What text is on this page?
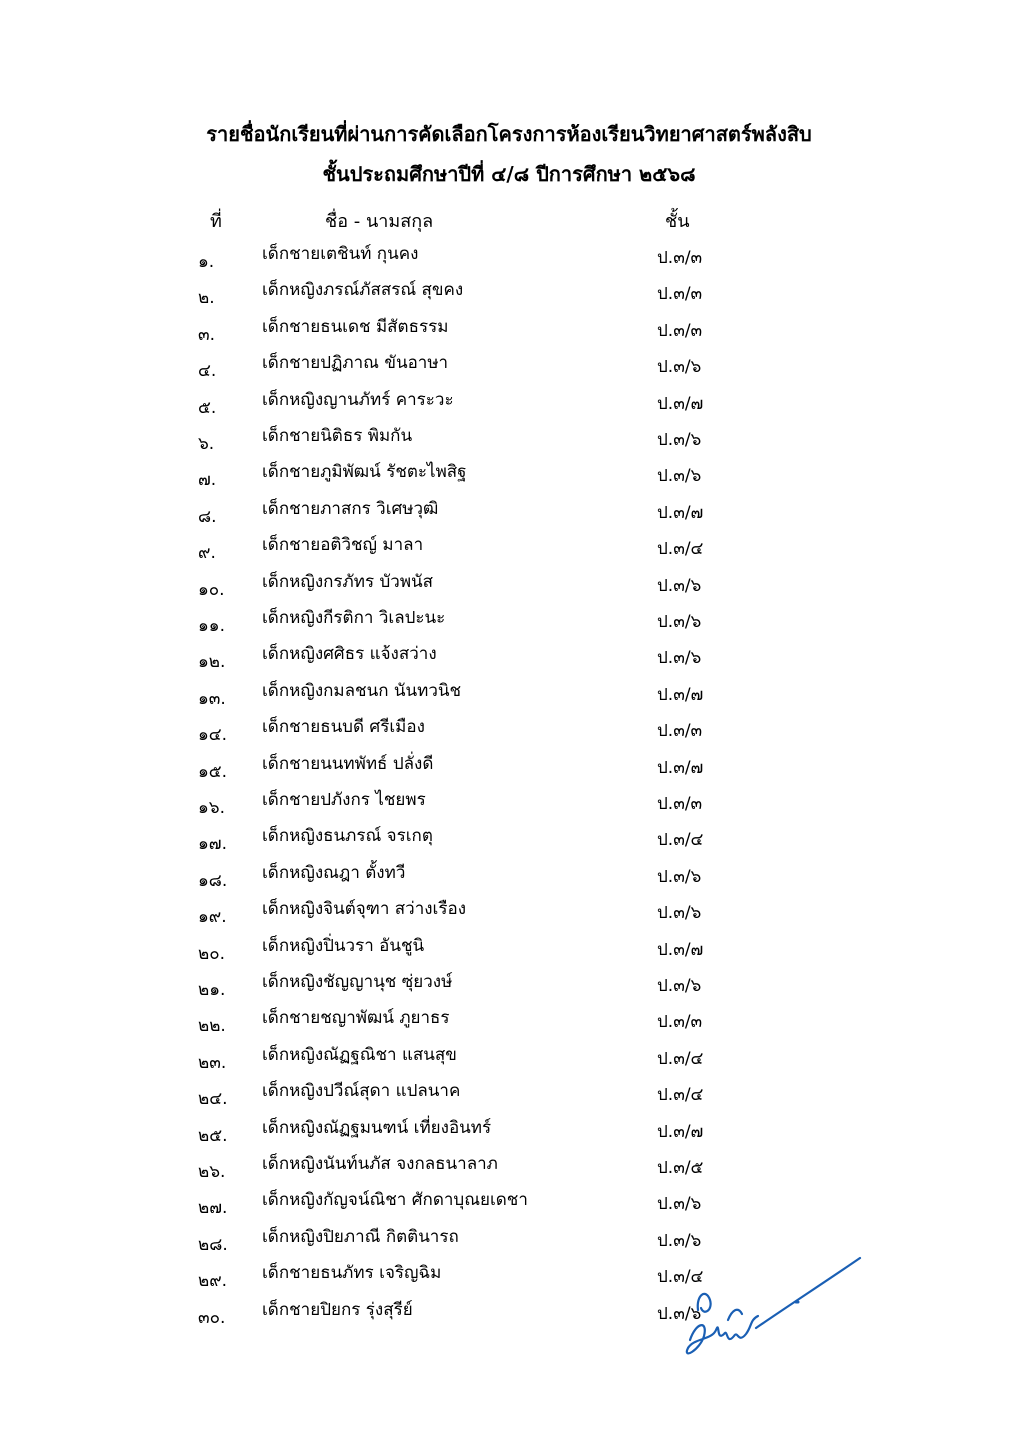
รายชื่อนักเรียนที่ผ่านการคัดเลือกโครงการห้องเรียนวิทยาศาสตร์พลังสิบ
ชั้นประถมศึกษาปีที่ ๔/๘ ปีการศึกษา ๒๕๖๘
ที่	ชื่อ - นามสกุล	ชั้น
๑.	เด็กชายเตชินท์ กุนคง	ป.๓/๓
๒.	เด็กหญิงภรณ์ภัสสรณ์ สุขคง	ป.๓/๓
๓.	เด็กชายธนเดช มีสัตธรรม	ป.๓/๓
๔.	เด็กชายปฏิภาณ ขันอาษา	ป.๓/๖
๕.	เด็กหญิงญานภัทร์ คาระวะ	ป.๓/๗
๖.	เด็กชายนิติธร พิมกัน	ป.๓/๖
๗.	เด็กชายภูมิพัฒน์ รัชตะไพสิฐ	ป.๓/๖
๘.	เด็กชายภาสกร วิเศษวุฒิ	ป.๓/๗
๙.	เด็กชายอติวิชญ์ มาลา	ป.๓/๔
๑๐. เด็กหญิงกรภัทร บัวพนัส	ป.๓/๖
๑๑. เด็กหญิงกีรติกา วิเลปะนะ	ป.๓/๖
๑๒. เด็กหญิงศศิธร แจ้งสว่าง	ป.๓/๖
๑๓. เด็กหญิงกมลชนก นันทวนิช	ป.๓/๗
๑๔. เด็กชายธนบดี ศรีเมือง	ป.๓/๓
๑๕. เด็กชายนนทพัทธ์ ปลั่งดี	ป.๓/๗
๑๖. เด็กชายปภังกร ไชยพร	ป.๓/๓
๑๗. เด็กหญิงธนภรณ์ จรเกตุ	ป.๓/๔
๑๘. เด็กหญิงณฎา ตั้งทวี	ป.๓/๖
๑๙. เด็กหญิงจินต์จุฑา สว่างเรือง	ป.๓/๖
๒๐. เด็กหญิงปิ่นวรา อันชูนิ	ป.๓/๗
๒๑. เด็กหญิงชัญญานุช ซุ่ยวงษ์	ป.๓/๖
๒๒. เด็กชายชญาพัฒน์ ภูยาธร	ป.๓/๓
๒๓. เด็กหญิงณัฏฐณิชา แสนสุข	ป.๓/๔
๒๔. เด็กหญิงปวีณ์สุดา แปลนาค	ป.๓/๔
๒๕. เด็กหญิงณัฏฐมนฑน์ เที่ยงอินทร์	ป.๓/๗
๒๖. เด็กหญิงนันท์นภัส จงกลธนาลาภ	ป.๓/๕
๒๗. เด็กหญิงกัญจน์ณิชา ศักดาบุณยเดชา	ป.๓/๖
๒๘. เด็กหญิงปิยภาณี กิตตินารถ	ป.๓/๖
๒๙. เด็กชายธนภัทร เจริญฉิม	ป.๓/๔
๓๐. เด็กชายปิยกร รุ่งสุรีย์	ป.๓/๖
